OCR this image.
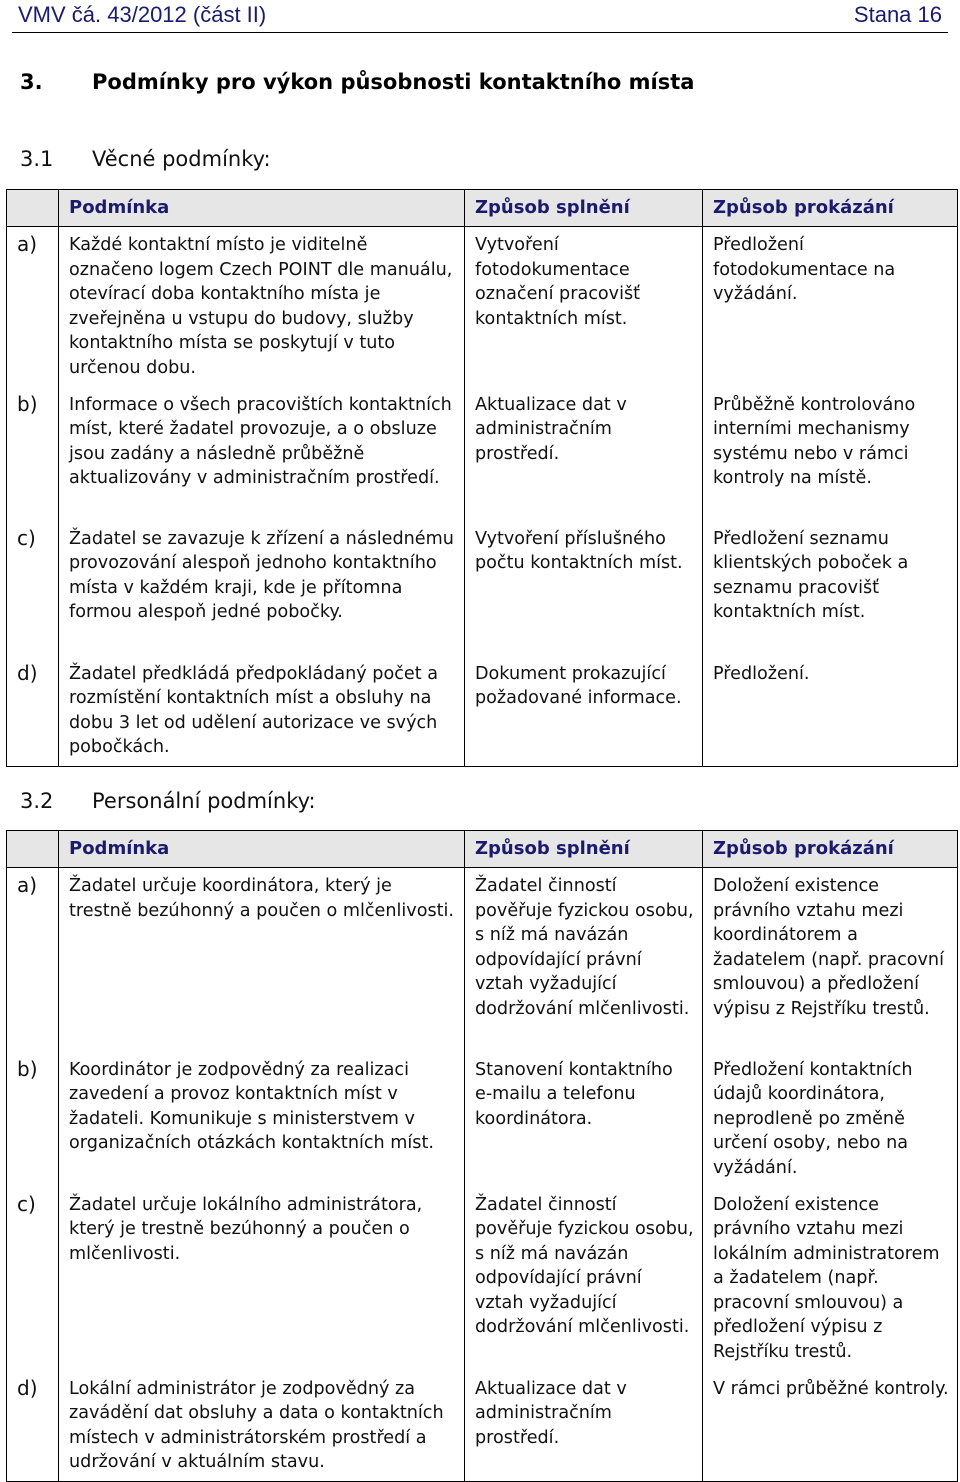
VMV čá. 43/2012 (část II)	Stana 16
3. Podmínky pro výkon působnosti kontaktního místa
3.1 Věcné podmínky:
	Podmínka	Způsob splnění	Způsob prokázání
a)	Každé kontaktní místo je viditelně označeno logem Czech POINT dle manuálu, otevírací doba kontaktního místa je zveřejněna u vstupu do budovy, služby kontaktního místa se poskytují v tuto určenou dobu.	Vytvoření fotodokumentace označení pracovišť kontaktních míst.	Předložení fotodokumentace na vyžádání.
b)	Informace o všech pracovištích kontaktních míst, které žadatel provozuje, a o obsluze jsou zadány a následně průběžně aktualizovány v administračním prostředí.	Aktualizace dat v administračním prostředí.	Průběžně kontrolováno interními mechanismy systému nebo v rámci kontroly na místě.
c)	Žadatel se zavazuje k zřízení a následnému provozování alespoň jednoho kontaktního místa v každém kraji, kde je přítomna formou alespoň jedné pobočky.	Vytvoření příslušného počtu kontaktních míst.	Předložení seznamu klientských poboček a seznamu pracovišť kontaktních míst.
d)	Žadatel předkládá předpokládaný počet a rozmístění kontaktních míst a obsluhy na dobu 3 let od udělení autorizace ve svých pobočkách.	Dokument prokazující požadované informace.	Předložení.
3.2 Personální podmínky:
	Podmínka	Způsob splnění	Způsob prokázání
a)	Žadatel určuje koordinátora, který je trestně bezúhonný a poučen o mlčenlivosti.	Žadatel činností pověřuje fyzickou osobu, s níž má navázán odpovídající právní vztah vyžadující dodržování mlčenlivosti.	Doložení existence právního vztahu mezi koordinátorem a žadatelem (např. pracovní smlouvou) a předložení výpisu z Rejstříku trestů.
b)	Koordinátor je zodpovědný za realizaci zavedení a provoz kontaktních míst v žadateli. Komunikuje s ministerstvem v organizačních otázkách kontaktních míst.	Stanovení kontaktního e-mailu a telefonu koordinátora.	Předložení kontaktních údajů koordinátora, neprodleně po změně určení osoby, nebo na vyžádání.
c)	Žadatel určuje lokálního administrátora, který je trestně bezúhonný a poučen o mlčenlivosti.	Žadatel činností pověřuje fyzickou osobu, s níž má navázán odpovídající právní vztah vyžadující dodržování mlčenlivosti.	Doložení existence právního vztahu mezi lokálním administratorem a žadatelem (např. pracovní smlouvou) a předložení výpisu z Rejstříku trestů.
d)	Lokální administrátor je zodpovědný za zavádění dat obsluhy a data o kontaktních místech v administrátorském prostředí a udržování v aktuálním stavu.	Aktualizace dat v administračním prostředí.	V rámci průběžné kontroly.
